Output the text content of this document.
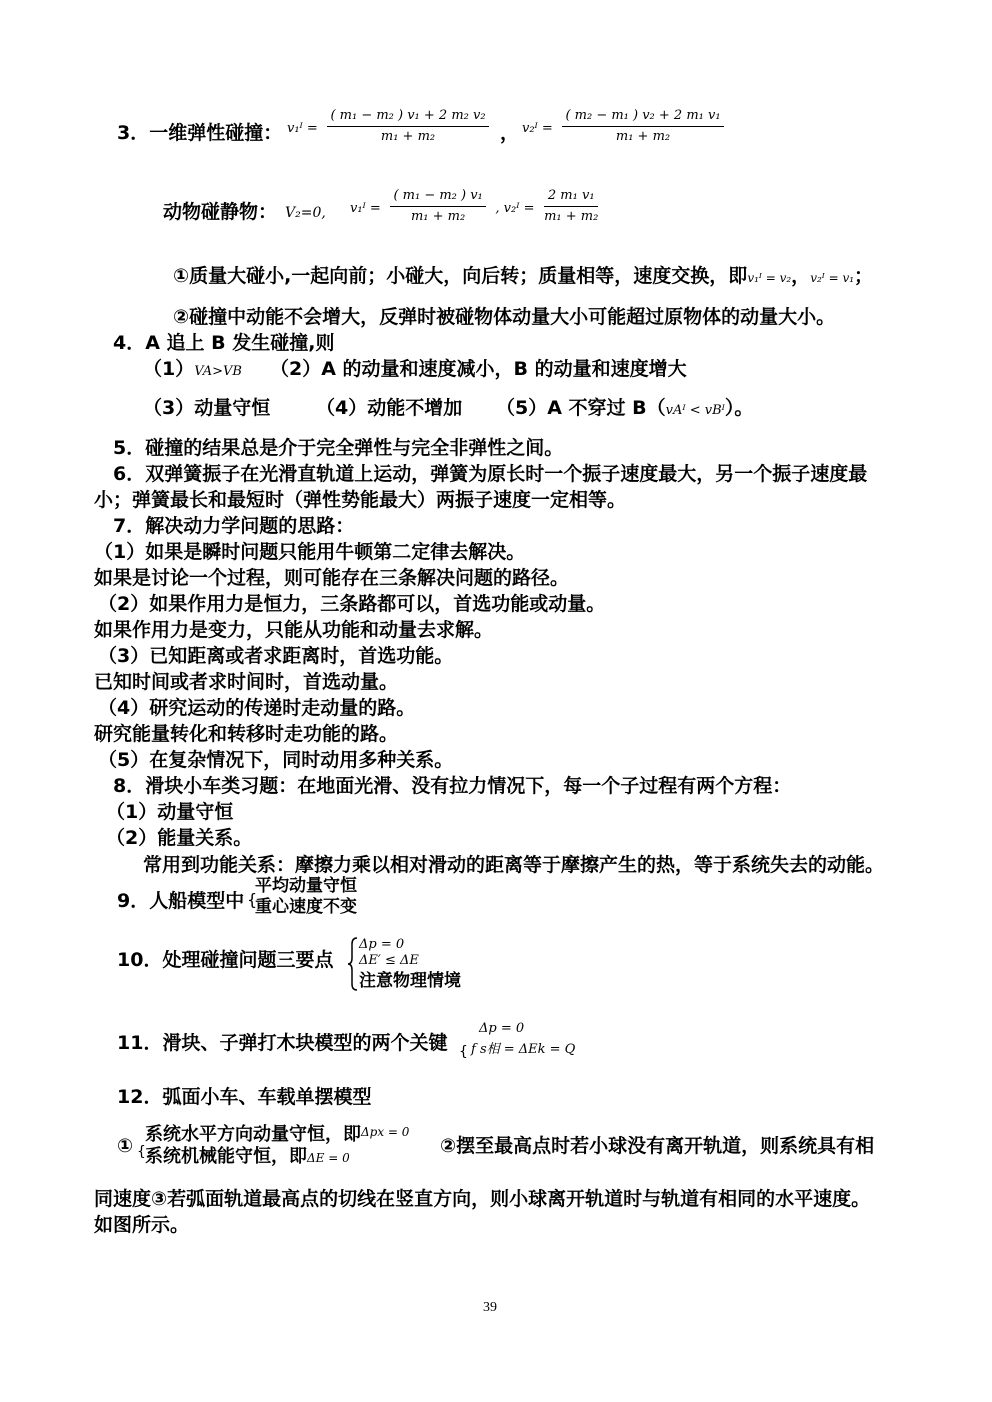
3．一维弹性碰撞： v₁ᴵ = $\frac{\text{( m₁ − m₂ ) v₁ + 2 m₂ v₂}}{\text{m₁ + m₂}}$ ， v₂ᴵ = $\frac{\text{( m₂ − m₁ ) v₂ + 2 m₁ v₁}}{\text{m₁ + m₂}}$
动物碰静物： V₂=0, v₁ᴵ = $\frac{\text{( m₁ − m₂ ) v₁}}{\text{m₁ + m₂}}$ , v₂ᴵ = $\frac{\text{2 m₁ v₁}}{\text{m₁ + m₂}}$
①质量大碰小,一起向前；小碰大，向后转；质量相等，速度交换，即v₁ᴵ = v₂，v₂ᴵ = v₁；
②碰撞中动能不会增大，反弹时被碰物体动量大小可能超过原物体的动量大小。
4．A 追上 B 发生碰撞,则
（1）VA>VB （2）A 的动量和速度减小，B 的动量和速度增大
（3）动量守恒 （4）动能不增加 （5）A 不穿过 B（vAᴵ < vBᴵ）。
5．碰撞的结果总是介于完全弹性与完全非弹性之间。
6．双弹簧振子在光滑直轨道上运动，弹簧为原长时一个振子速度最大，另一个振子速度最
小；弹簧最长和最短时（弹性势能最大）两振子速度一定相等。
7．解决动力学问题的思路：
（1）如果是瞬时问题只能用牛顿第二定律去解决。
如果是讨论一个过程，则可能存在三条解决问题的路径。
（2）如果作用力是恒力，三条路都可以，首选功能或动量。
如果作用力是变力，只能从功能和动量去求解。
（3）已知距离或者求距离时，首选功能。
已知时间或者求时间时，首选动量。
（4）研究运动的传递时走动量的路。
研究能量转化和转移时走功能的路。
（5）在复杂情况下，同时动用多种关系。
8．滑块小车类习题：在地面光滑、没有拉力情况下，每一个子过程有两个方程：
（1）动量守恒
（2）能量关系。
常用到功能关系：摩擦力乘以相对滑动的距离等于摩擦产生的热，等于系统失去的动能。
9．人船模型中 {
平均动量守恒
重心速度不变
10．处理碰撞问题三要点
Δp = 0
ΔE′ ≤ ΔE
注意物理情境
11．滑块、子弹打木块模型的两个关键 {
Δp = 0
f s相 = ΔEk = Q
12．弧面小车、车载单摆模型
① {
系统水平方向动量守恒，即$^{\Delta px = 0}$
系统机械能守恒，即ΔE = 0
②摆至最高点时若小球没有离开轨道，则系统具有相
同速度③若弧面轨道最高点的切线在竖直方向，则小球离开轨道时与轨道有相同的水平速度。
如图所示。
39
